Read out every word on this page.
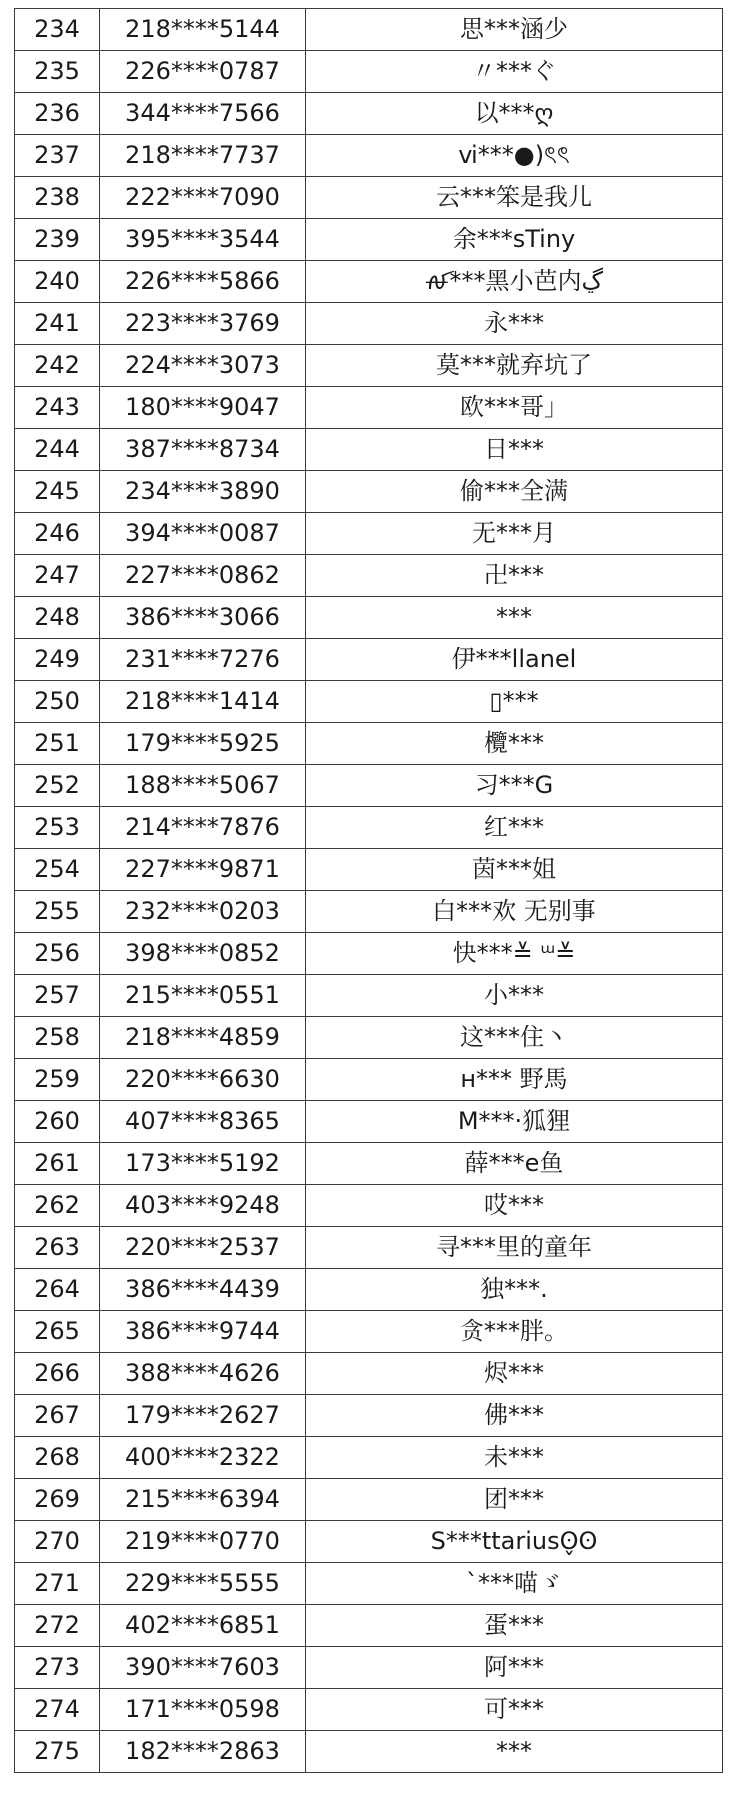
234	218****5144	思***涵少
235	226****0787	〃***ぐ
236	344****7566	以***ღ
237	218****7737	ⅵ***●)ৎৎ
238	222****7090	云***笨是我儿
239	395****3544	余***sTiny
240	226****5866	ꫛ***黑小芭内ڲ
241	223****3769	永***
242	224****3073	莫***就弃坑了
243	180****9047	欧***哥」
244	387****8734	日***
245	234****3890	偷***全满
246	394****0087	无***月
247	227****0862	卍***
248	386****3066	***
249	231****7276	伊***llanel
250	218****1414	▯***
251	179****5925	欖***
252	188****5067	习***G
253	214****7876	红***
254	227****9871	茵***姐
255	232****0203	白***欢 无别事
256	398****0852	快***≚ ᵚ≚
257	215****0551	小***
258	218****4859	这***住丶
259	220****6630	ʜ*** 野馬
260	407****8365	M***·狐狸
261	173****5192	薛***e鱼
262	403****9248	哎***
263	220****2537	寻***里的童年
264	386****4439	独***.
265	386****9744	贪***胖。
266	388****4626	烬***
267	179****2627	佛***
268	400****2322	未***
269	215****6394	团***
270	219****0770	S***ttariusʘ̬ʘ
271	229****5555	`***喵ゞ
272	402****6851	蛋***
273	390****7603	阿***
274	171****0598	可***
275	182****2863	***
